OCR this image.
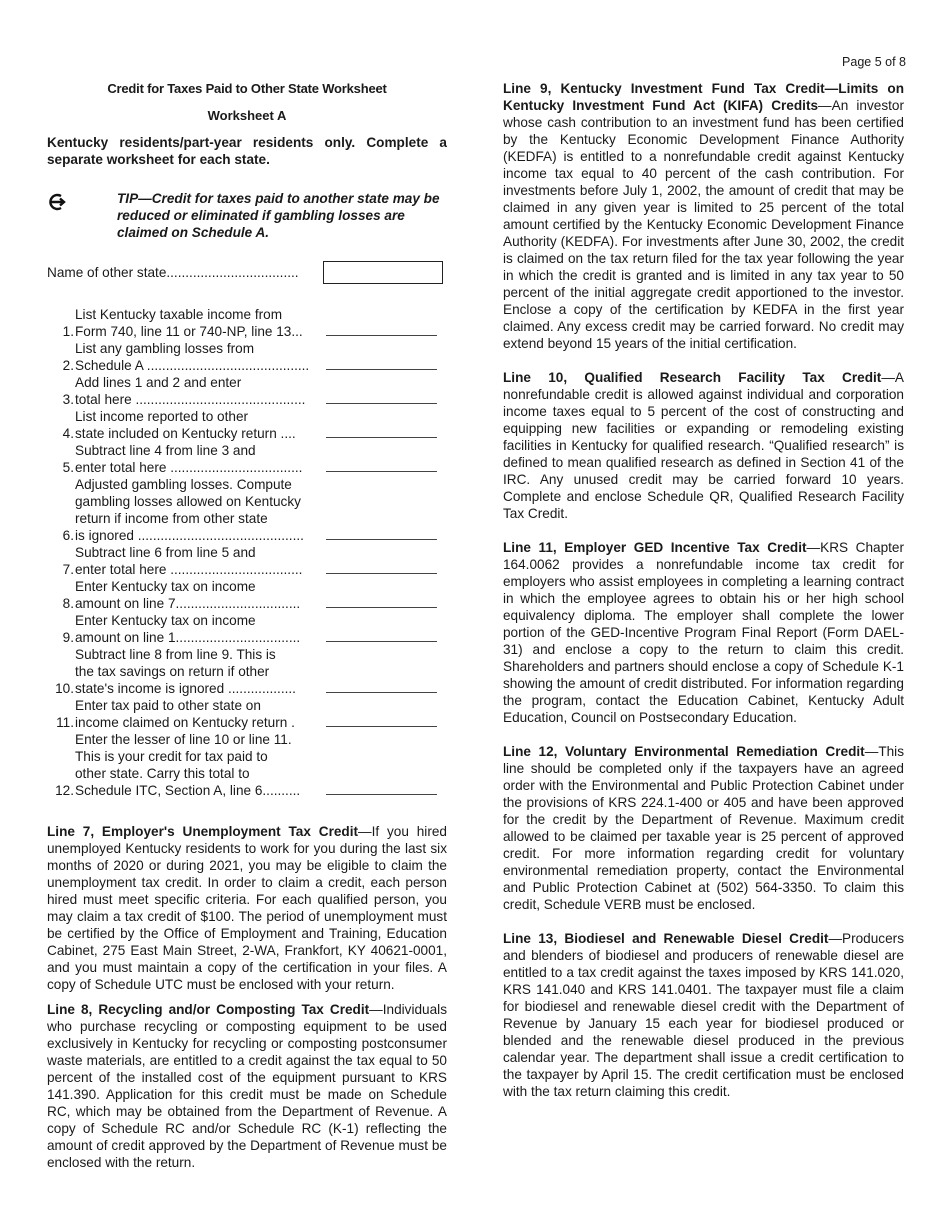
Page 5 of 8
Credit for Taxes Paid to Other State Worksheet
Worksheet A
Kentucky residents/part-year residents only. Complete a separate worksheet for each state.
TIP—Credit for taxes paid to another state may be reduced or eliminated if gambling losses are claimed on Schedule A.
Name of other state...................................
1.
List Kentucky taxable income from
Form 740, line 11 or 740-NP, line 13...
2.
List any gambling losses from
Schedule A ...........................................
3.
Add lines 1 and 2 and enter
total here .............................................
4.
List income reported to other
state included on Kentucky return ....
5.
Subtract line 4 from line 3 and
enter total here ...................................
6.
Adjusted gambling losses. Compute
gambling losses allowed on Kentucky
return if income from other state
is ignored ............................................
7.
Subtract line 6 from line 5 and
enter total here ...................................
8.
Enter Kentucky tax on income
amount on line 7.................................
9.
Enter Kentucky tax on income
amount on line 1.................................
10.
Subtract line 8 from line 9. This is
the tax savings on return if other
state's income is ignored ..................
11.
Enter tax paid to other state on
income claimed on Kentucky return .
12.
Enter the lesser of line 10 or line 11.
This is your credit for tax paid to
other state. Carry this total to
Schedule ITC, Section A, line 6..........

Line 7, Employer's Unemployment Tax Credit—If you hired unemployed Kentucky residents to work for you during the last six months of 2020 or during 2021, you may be eligible to claim the unemployment tax credit. In order to claim a credit, each person hired must meet specific criteria. For each qualified person, you may claim a tax credit of $100. The period of unemployment must be certified by the Office of Employment and Training, Education Cabinet, 275 East Main Street, 2-WA, Frankfort, KY 40621-0001, and you must maintain a copy of the certification in your files. A copy of Schedule UTC must be enclosed with your return.

Line 8, Recycling and/or Composting Tax Credit—Individuals who purchase recycling or composting equipment to be used exclusively in Kentucky for recycling or composting postconsumer waste materials, are entitled to a credit against the tax equal to 50 percent of the installed cost of the equipment pursuant to KRS 141.390. Application for this credit must be made on Schedule RC, which may be obtained from the Department of Revenue. A copy of Schedule RC and/or Schedule RC (K-1) reflecting the amount of credit approved by the Department of Revenue must be enclosed with the return.

Line 9, Kentucky Investment Fund Tax Credit—Limits on Kentucky Investment Fund Act (KIFA) Credits—An investor whose cash contribution to an investment fund has been certified by the Kentucky Economic Development Finance Authority (KEDFA) is entitled to a nonrefundable credit against Kentucky income tax equal to 40 percent of the cash contribution. For investments before July 1, 2002, the amount of credit that may be claimed in any given year is limited to 25 percent of the total amount certified by the Kentucky Economic Development Finance Authority (KEDFA). For investments after June 30, 2002, the credit is claimed on the tax return filed for the tax year following the year in which the credit is granted and is limited in any tax year to 50 percent of the initial aggregate credit apportioned to the investor. Enclose a copy of the certification by KEDFA in the first year claimed. Any excess credit may be carried forward. No credit may extend beyond 15 years of the initial certification.

Line 10, Qualified Research Facility Tax Credit—A nonrefundable credit is allowed against individual and corporation income taxes equal to 5 percent of the cost of constructing and equipping new facilities or expanding or remodeling existing facilities in Kentucky for qualified research. “Qualified research” is defined to mean qualified research as defined in Section 41 of the IRC. Any unused credit may be carried forward 10 years. Complete and enclose Schedule QR, Qualified Research Facility Tax Credit.

Line 11, Employer GED Incentive Tax Credit—KRS Chapter 164.0062 provides a nonrefundable income tax credit for employers who assist employees in completing a learning contract in which the employee agrees to obtain his or her high school equivalency diploma. The employer shall complete the lower portion of the GED-Incentive Program Final Report (Form DAEL-31) and enclose a copy to the return to claim this credit. Shareholders and partners should enclose a copy of Schedule K-1 showing the amount of credit distributed. For information regarding the program, contact the Education Cabinet, Kentucky Adult Education, Council on Postsecondary Education.

Line 12, Voluntary Environmental Remediation Credit—This line should be completed only if the taxpayers have an agreed order with the Environmental and Public Protection Cabinet under the provisions of KRS 224.1-400 or 405 and have been approved for the credit by the Department of Revenue. Maximum credit allowed to be claimed per taxable year is 25 percent of approved credit. For more information regarding credit for voluntary environmental remediation property, contact the Environmental and Public Protection Cabinet at (502) 564-3350. To claim this credit, Schedule VERB must be enclosed.

Line 13, Biodiesel and Renewable Diesel Credit—Producers and blenders of biodiesel and producers of renewable diesel are entitled to a tax credit against the taxes imposed by KRS 141.020, KRS 141.040 and KRS 141.0401. The taxpayer must file a claim for biodiesel and renewable diesel credit with the Department of Revenue by January 15 each year for biodiesel produced or blended and the renewable diesel produced in the previous calendar year. The department shall issue a credit certification to the taxpayer by April 15. The credit certification must be enclosed with the tax return claiming this credit.
